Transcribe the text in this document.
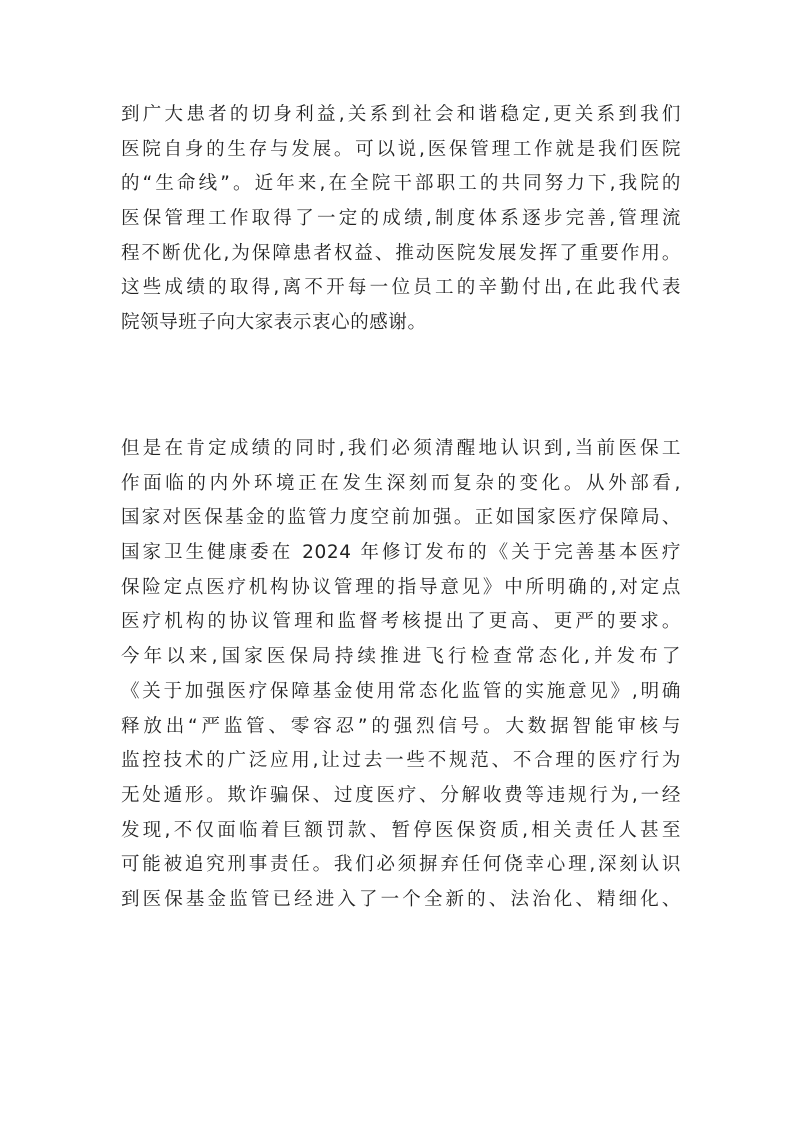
到广大患者的切身利益,关系到社会和谐稳定,更关系到我们
医院自身的生存与发展。可以说,医保管理工作就是我们医院
的“生命线”。近年来,在全院干部职工的共同努力下,我院的
医保管理工作取得了一定的成绩,制度体系逐步完善,管理流
程不断优化,为保障患者权益、推动医院发展发挥了重要作用。
这些成绩的取得,离不开每一位员工的辛勤付出,在此我代表
院领导班子向大家表示衷心的感谢。
但是在肯定成绩的同时,我们必须清醒地认识到,当前医保工
作面临的内外环境正在发生深刻而复杂的变化。从外部看,
国家对医保基金的监管力度空前加强。正如国家医疗保障局、
国家卫生健康委在 2024 年修订发布的《关于完善基本医疗
保险定点医疗机构协议管理的指导意见》中所明确的,对定点
医疗机构的协议管理和监督考核提出了更高、更严的要求。
今年以来,国家医保局持续推进飞行检查常态化,并发布了
《关于加强医疗保障基金使用常态化监管的实施意见》,明确
释放出“严监管、零容忍”的强烈信号。大数据智能审核与
监控技术的广泛应用,让过去一些不规范、不合理的医疗行为
无处遁形。欺诈骗保、过度医疗、分解收费等违规行为,一经
发现,不仅面临着巨额罚款、暂停医保资质,相关责任人甚至
可能被追究刑事责任。我们必须摒弃任何侥幸心理,深刻认识
到医保基金监管已经进入了一个全新的、法治化、精细化、
